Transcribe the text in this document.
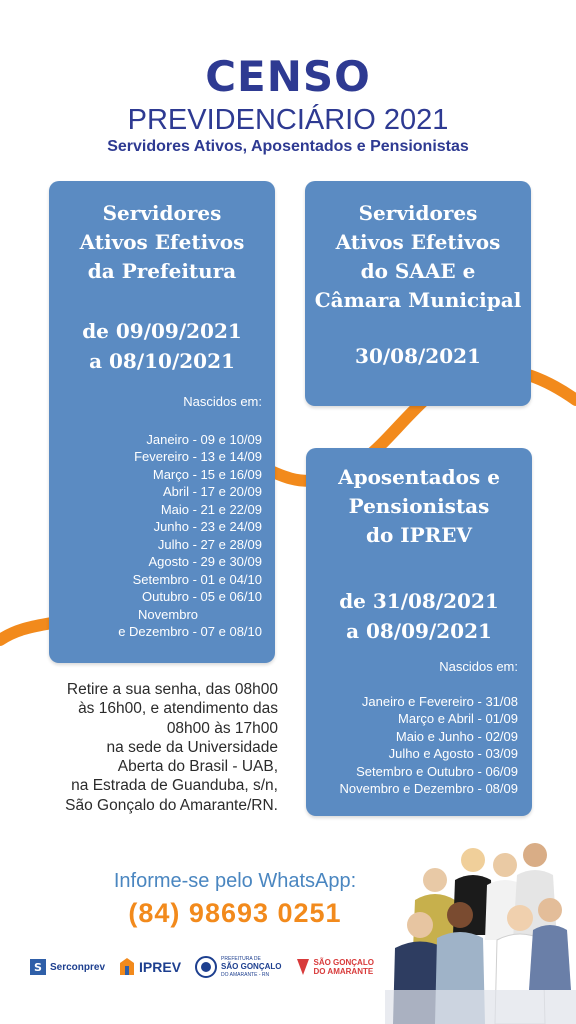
CENSO
PREVIDENCIÁRIO 2021
Servidores Ativos, Aposentados e Pensionistas
Servidores
Ativos Efetivos
da Prefeitura
de 09/09/2021
a 08/10/2021
Nascidos em:
Janeiro - 09 e 10/09
Fevereiro - 13 e 14/09
Março - 15 e 16/09
Abril - 17 e 20/09
Maio - 21 e 22/09
Junho - 23 e 24/09
Julho - 27 e 28/09
Agosto - 29 e 30/09
Setembro - 01 e 04/10
Outubro - 05 e 06/10
Novembro
e Dezembro - 07 e 08/10
Servidores
Ativos Efetivos
do SAAE e
Câmara Municipal
30/08/2021
Aposentados e
Pensionistas
do IPREV
de 31/08/2021
a 08/09/2021
Nascidos em:
Janeiro e Fevereiro - 31/08
Março e Abril - 01/09
Maio e Junho - 02/09
Julho e Agosto - 03/09
Setembro e Outubro - 06/09
Novembro e Dezembro - 08/09
Retire a sua senha, das 08h00
às 16h00, e atendimento das
08h00 às 17h00
na sede da Universidade
Aberta do Brasil - UAB,
na Estrada de Guanduba, s/n,
São Gonçalo do Amarante/RN.
Informe-se pelo WhatsApp:
(84) 98693 0251
S Serconprev IPREV	PREFEITURA DE
SÃO GONÇALO
DO AMARANTE - RN
SÃO GONÇALO
DO AMARANTE
